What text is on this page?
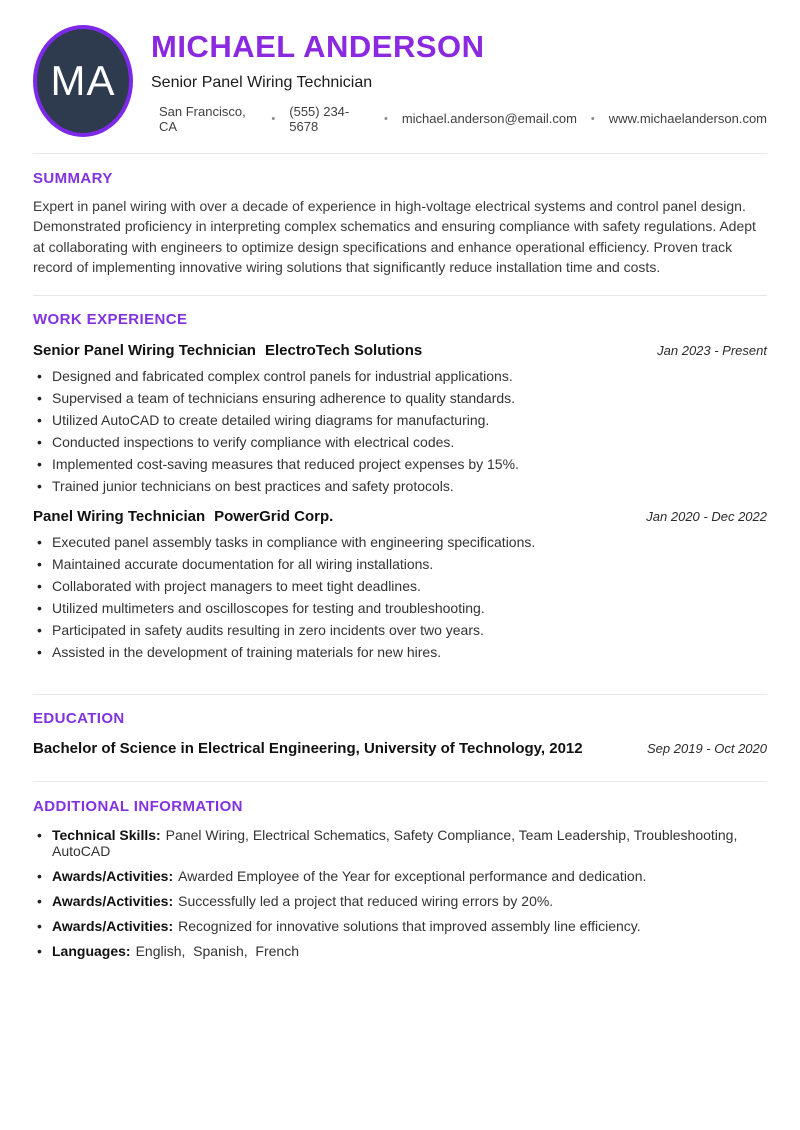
MA
MICHAEL ANDERSON
Senior Panel Wiring Technician
San Francisco, CA	• (555) 234-5678	• michael.anderson@email.com • www.michaelanderson.com
SUMMARY

Expert in panel wiring with over a decade of experience in high-voltage electrical systems and control panel design. Demonstrated proficiency in interpreting complex schematics and ensuring compliance with safety regulations. Adept at collaborating with engineers to optimize design specifications and enhance operational efficiency. Proven track record of implementing innovative wiring solutions that significantly reduce installation time and costs.

WORK EXPERIENCE
Senior Panel Wiring Technician ElectroTech Solutions	Jan 2023 - Present
• Designed and fabricated complex control panels for industrial applications.
• Supervised a team of technicians ensuring adherence to quality standards.
• Utilized AutoCAD to create detailed wiring diagrams for manufacturing.
• Conducted inspections to verify compliance with electrical codes.
• Implemented cost-saving measures that reduced project expenses by 15%.
• Trained junior technicians on best practices and safety protocols.
Panel Wiring Technician PowerGrid Corp.	Jan 2020 - Dec 2022
• Executed panel assembly tasks in compliance with engineering specifications.
• Maintained accurate documentation for all wiring installations.
• Collaborated with project managers to meet tight deadlines.
• Utilized multimeters and oscilloscopes for testing and troubleshooting.
• Participated in safety audits resulting in zero incidents over two years.
• Assisted in the development of training materials for new hires.
EDUCATION
Bachelor of Science in Electrical Engineering, University of Technology, 2012	Sep 2019 - Oct 2020
ADDITIONAL INFORMATION
• Technical Skills: Panel Wiring, Electrical Schematics, Safety Compliance, Team Leadership, Troubleshooting, AutoCAD
• Awards/Activities: Awarded Employee of the Year for exceptional performance and dedication.
• Awards/Activities: Successfully led a project that reduced wiring errors by 20%.
• Awards/Activities: Recognized for innovative solutions that improved assembly line efficiency.
• Languages: English,  Spanish,  French
